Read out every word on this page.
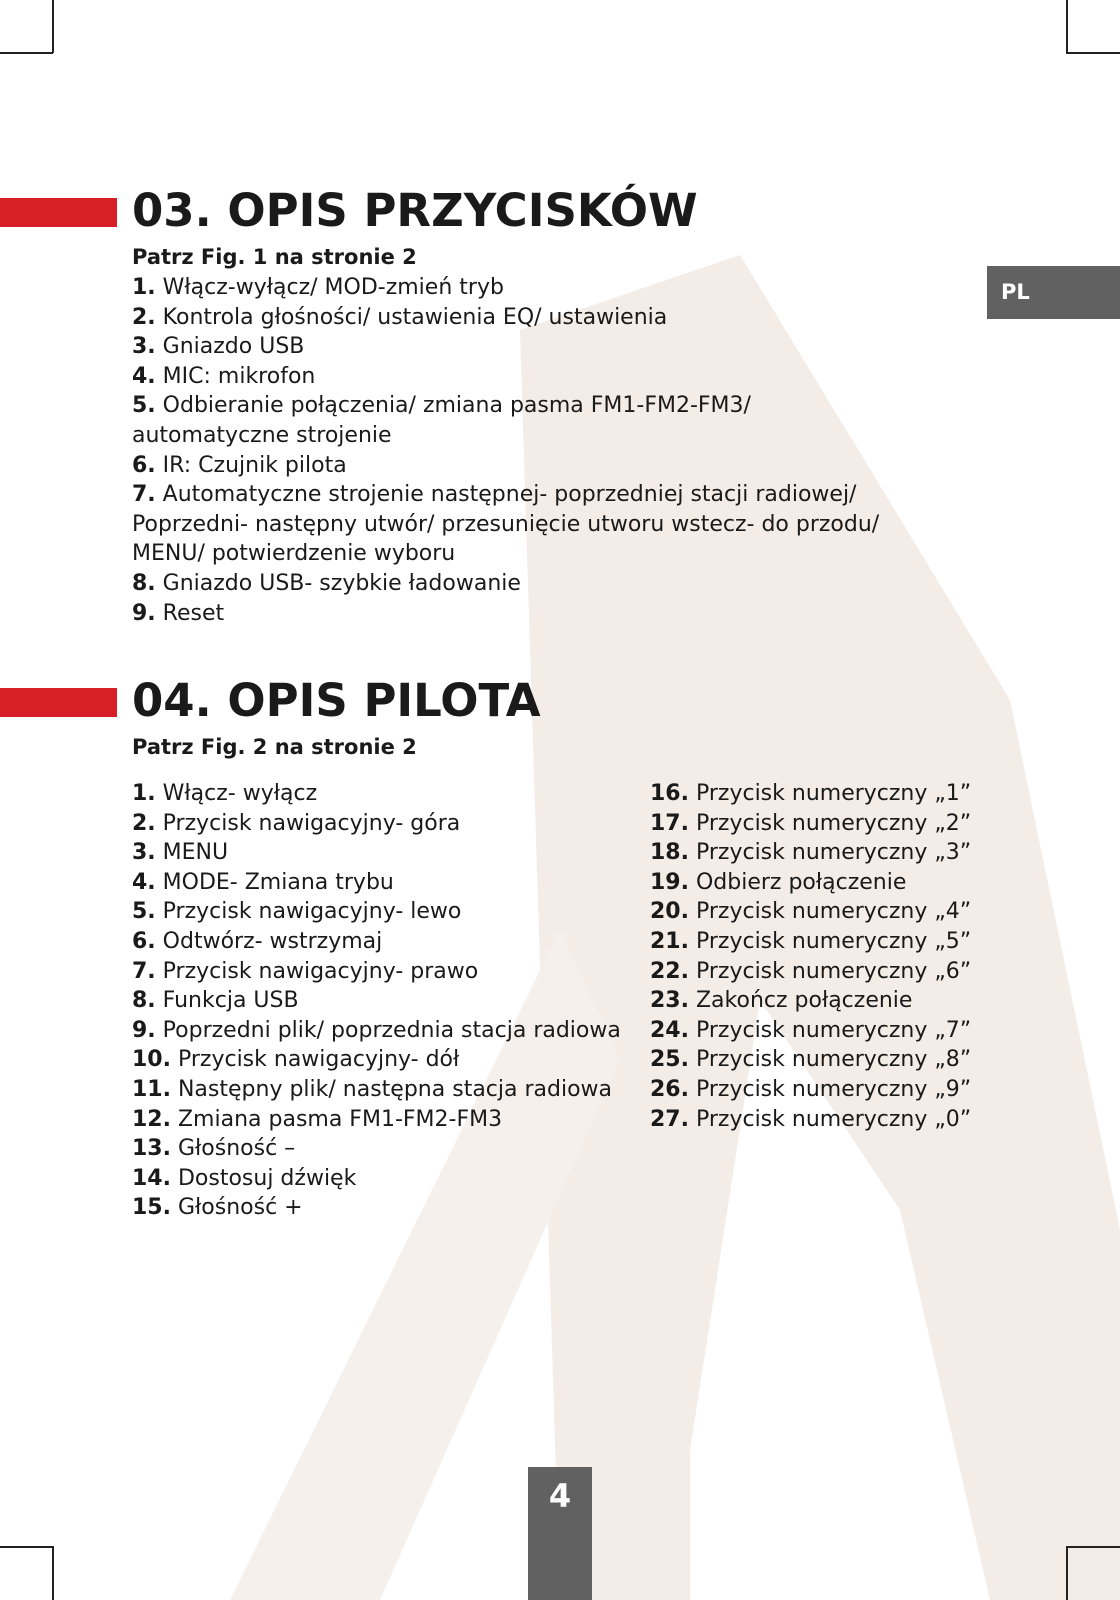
PL
03. OPIS PRZYCISKÓW

Patrz Fig. 1 na stronie 2

1. Włącz-wyłącz/ MOD-zmień tryb
2. Kontrola głośności/ ustawienia EQ/ ustawienia
3. Gniazdo USB
4. MIC: mikrofon
5. Odbieranie połączenia/ zmiana pasma FM1-FM2-FM3/
automatyczne strojenie
6. IR: Czujnik pilota
7. Automatyczne strojenie następnej- poprzedniej stacji radiowej/
Poprzedni- następny utwór/ przesunięcie utworu wstecz- do przodu/
MENU/ potwierdzenie wyboru
8. Gniazdo USB- szybkie ładowanie
9. Reset
04. OPIS PILOTA

Patrz Fig. 2 na stronie 2

1. Włącz- wyłącz
2. Przycisk nawigacyjny- góra
3. MENU
4. MODE- Zmiana trybu
5. Przycisk nawigacyjny- lewo
6. Odtwórz- wstrzymaj
7. Przycisk nawigacyjny- prawo
8. Funkcja USB
9. Poprzedni plik/ poprzednia stacja radiowa
10. Przycisk nawigacyjny- dół
11. Następny plik/ następna stacja radiowa
12. Zmiana pasma FM1-FM2-FM3
13. Głośność –
14. Dostosuj dźwięk
15. Głośność +
16. Przycisk numeryczny „1”
17. Przycisk numeryczny „2”
18. Przycisk numeryczny „3”
19. Odbierz połączenie
20. Przycisk numeryczny „4”
21. Przycisk numeryczny „5”
22. Przycisk numeryczny „6”
23. Zakończ połączenie
24. Przycisk numeryczny „7”
25. Przycisk numeryczny „8”
26. Przycisk numeryczny „9”
27. Przycisk numeryczny „0”
4
